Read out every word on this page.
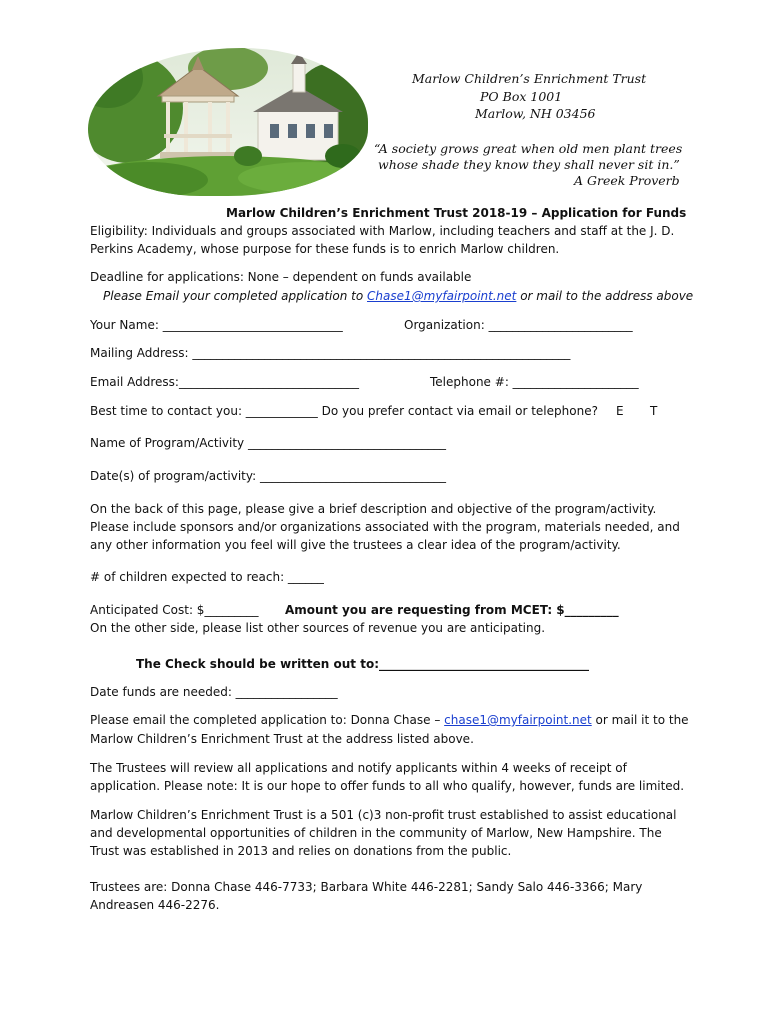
Marlow Children’s Enrichment Trust
PO Box 1001
Marlow, NH 03456
“A society grows great when old men plant trees
whose shade they know they shall never sit in.”
A Greek Proverb
Marlow Children’s Enrichment Trust 2018-19 – Application for Funds
Eligibility: Individuals and groups associated with Marlow, including teachers and staff at the J. D.
Perkins Academy, whose purpose for these funds is to enrich Marlow children.
Deadline for applications: None – dependent on funds available
Please Email your completed application to Chase1@myfairpoint.net or mail to the address above
Your Name: ______________________________	Organization: ________________________
Mailing Address: _______________________________________________________________
Email Address:______________________________	Telephone #: _____________________
Best time to contact you: ____________ Do you prefer contact via email or telephone? E T
Name of Program/Activity _________________________________
Date(s) of program/activity: _______________________________
On the back of this page, please give a brief description and objective of the program/activity.
Please include sponsors and/or organizations associated with the program, materials needed, and
any other information you feel will give the trustees a clear idea of the program/activity.
# of children expected to reach: ______
Anticipated Cost: $_________ Amount you are requesting from MCET: $_________
On the other side, please list other sources of revenue you are anticipating.
The Check should be written out to:___________________________________
Date funds are needed: _________________
Please email the completed application to: Donna Chase – chase1@myfairpoint.net or mail it to the
Marlow Children’s Enrichment Trust at the address listed above.
The Trustees will review all applications and notify applicants within 4 weeks of receipt of
application. Please note: It is our hope to offer funds to all who qualify, however, funds are limited.
Marlow Children’s Enrichment Trust is a 501 (c)3 non-profit trust established to assist educational
and developmental opportunities of children in the community of Marlow, New Hampshire. The
Trust was established in 2013 and relies on donations from the public.
Trustees are: Donna Chase 446-7733; Barbara White 446-2281; Sandy Salo 446-3366; Mary
Andreasen 446-2276.
